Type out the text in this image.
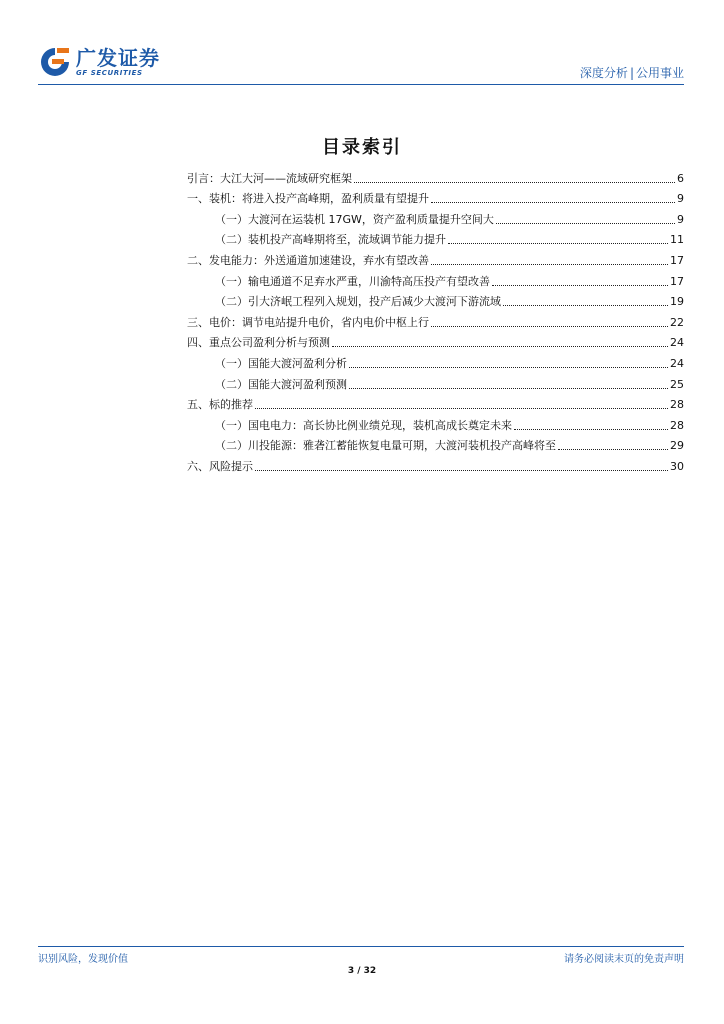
广发证券
GF SECURITIES	深度分析 | 公用事业
目录索引
引言：大江大河——流域研究框架	6
一、装机：将进入投产高峰期，盈利质量有望提升	9
（一）大渡河在运装机 17GW，资产盈利质量提升空间大	9
（二）装机投产高峰期将至，流域调节能力提升	11
二、发电能力：外送通道加速建设，弃水有望改善	17
（一）输电通道不足弃水严重，川渝特高压投产有望改善	17
（二）引大济岷工程列入规划，投产后减少大渡河下游流域	19
三、电价：调节电站提升电价，省内电价中枢上行	22
四、重点公司盈利分析与预测	24
（一）国能大渡河盈利分析	24
（二）国能大渡河盈利预测	25
五、标的推荐	28
（一）国电电力：高长协比例业绩兑现，装机高成长奠定未来	28
（二）川投能源：雅砻江蓄能恢复电量可期，大渡河装机投产高峰将至	29
六、风险提示	30
识别风险，发现价值	请务必阅读末页的免责声明
3 / 32
